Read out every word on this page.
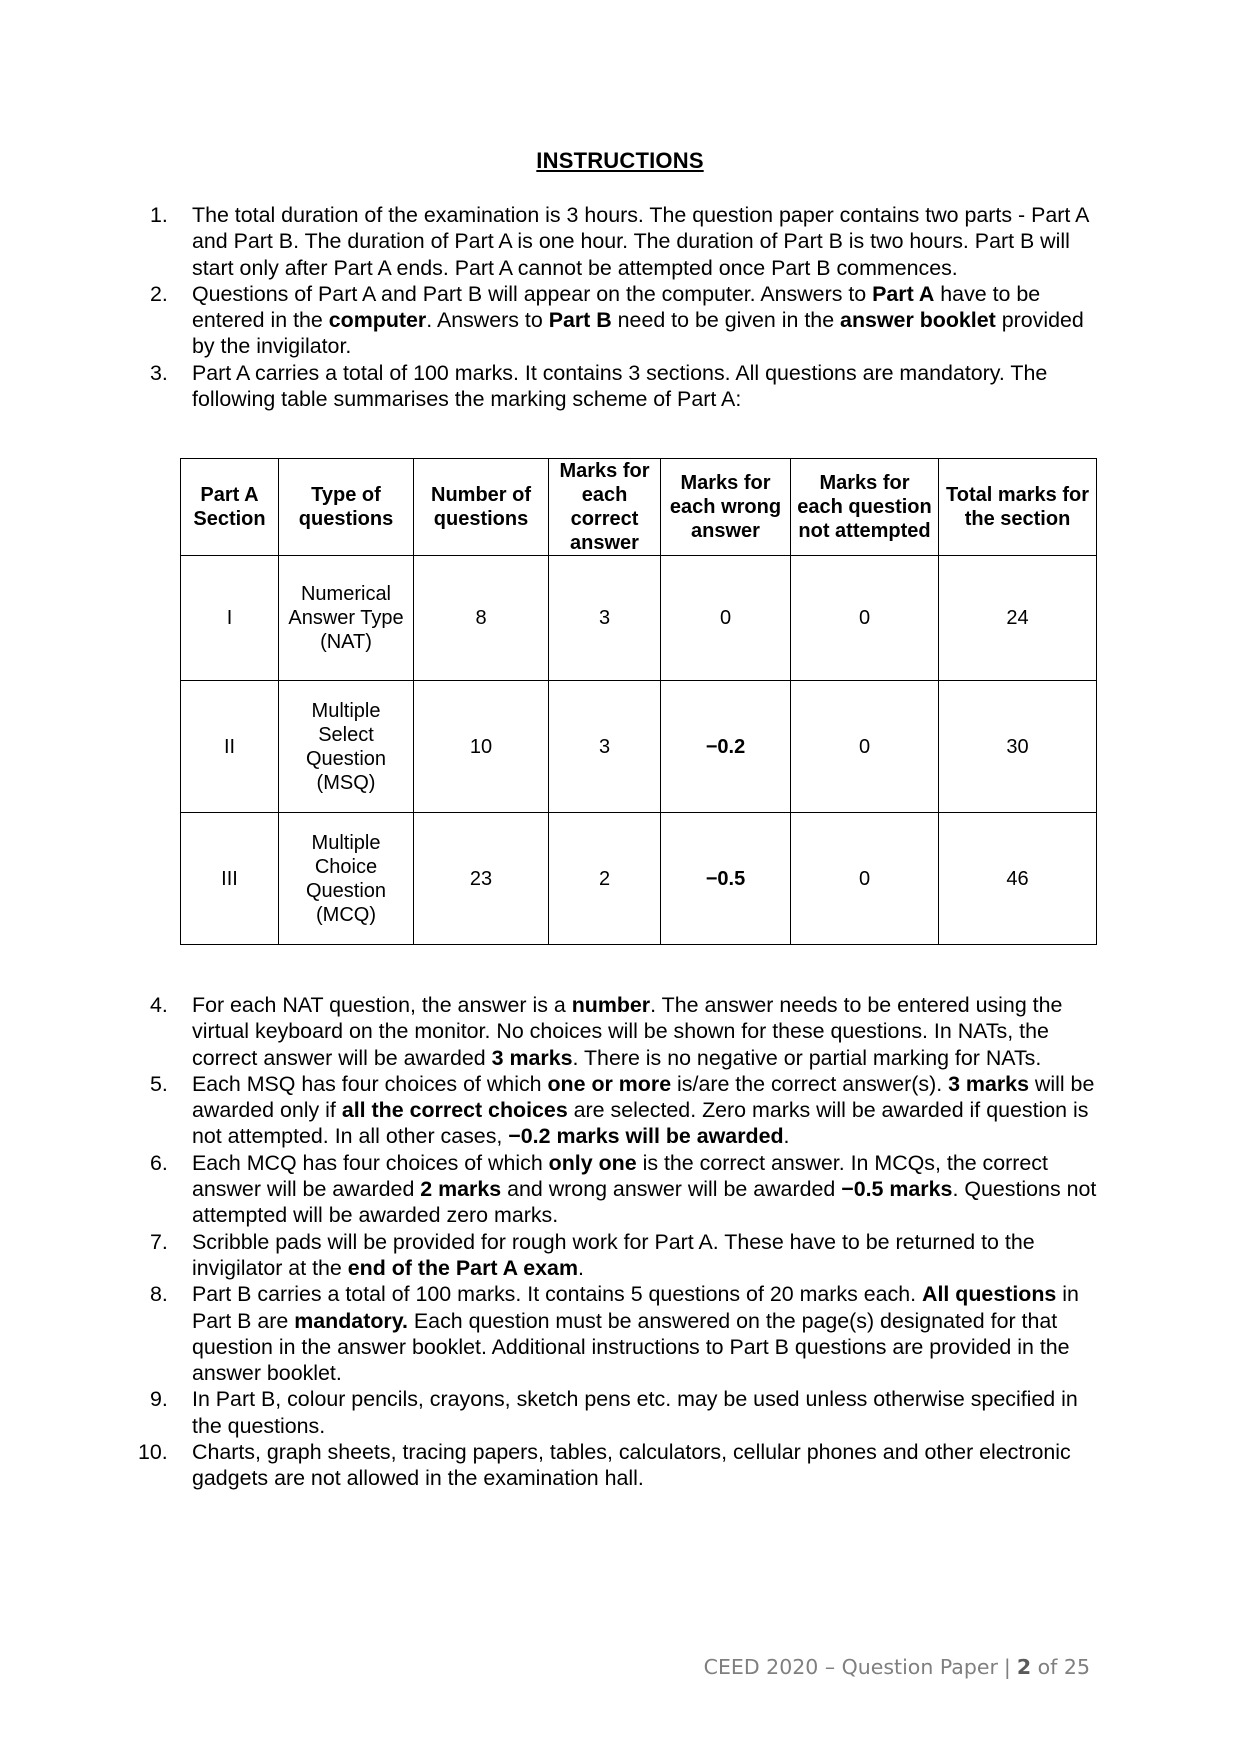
INSTRUCTIONS
1. The total duration of the examination is 3 hours. The question paper contains two parts - Part A and Part B. The duration of Part A is one hour. The duration of Part B is two hours. Part B will start only after Part A ends. Part A cannot be attempted once Part B commences.
2. Questions of Part A and Part B will appear on the computer. Answers to Part A have to be entered in the computer. Answers to Part B need to be given in the answer booklet provided by the invigilator.
3. Part A carries a total of 100 marks. It contains 3 sections. All questions are mandatory. The following table summarises the marking scheme of Part A:
Part A Section	Type of questions	Number of questions	Marks for each correct answer	Marks for each wrong answer	Marks for each question not attempted	Total marks for the section
I	Numerical Answer Type (NAT)	8	3	0	0	24
II	Multiple Select Question (MSQ)	10	3	−0.2	0	30
III	Multiple Choice Question (MCQ)	23	2	−0.5	0	46
4. For each NAT question, the answer is a number. The answer needs to be entered using the virtual keyboard on the monitor. No choices will be shown for these questions. In NATs, the correct answer will be awarded 3 marks. There is no negative or partial marking for NATs.
5. Each MSQ has four choices of which one or more is/are the correct answer(s). 3 marks will be awarded only if all the correct choices are selected. Zero marks will be awarded if question is not attempted. In all other cases, −0.2 marks will be awarded.
6. Each MCQ has four choices of which only one is the correct answer. In MCQs, the correct answer will be awarded 2 marks and wrong answer will be awarded −0.5 marks. Questions not attempted will be awarded zero marks.
7. Scribble pads will be provided for rough work for Part A. These have to be returned to the invigilator at the end of the Part A exam.
8. Part B carries a total of 100 marks. It contains 5 questions of 20 marks each. All questions in Part B are mandatory. Each question must be answered on the page(s) designated for that question in the answer booklet. Additional instructions to Part B questions are provided in the answer booklet.
9. In Part B, colour pencils, crayons, sketch pens etc. may be used unless otherwise specified in the questions.
10. Charts, graph sheets, tracing papers, tables, calculators, cellular phones and other electronic gadgets are not allowed in the examination hall.
CEED 2020 – Question Paper | 2 of 25
